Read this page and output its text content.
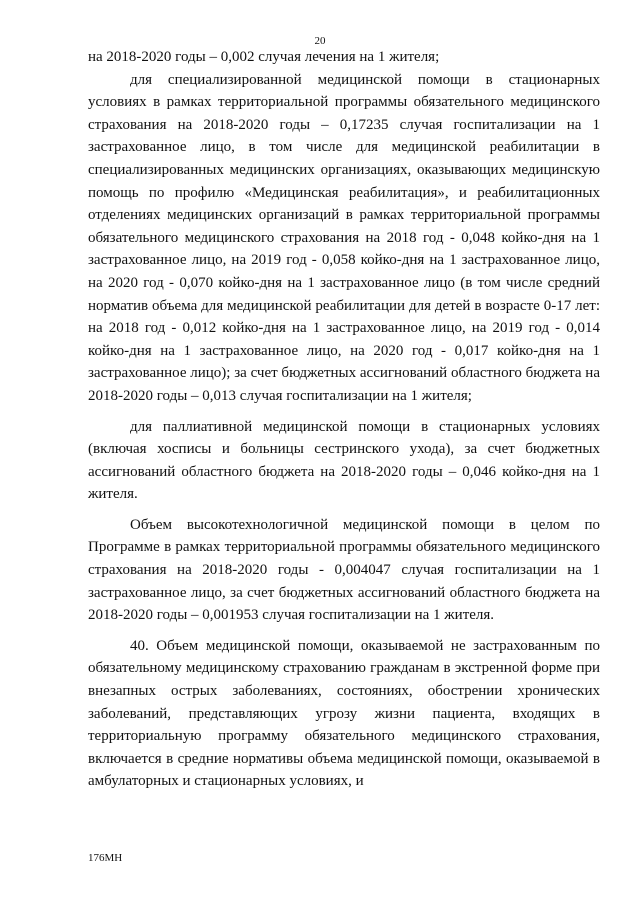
20

на 2018-2020 годы – 0,002 случая лечения на 1 жителя;

для специализированной медицинской помощи в стационарных условиях в рамках территориальной программы обязательного медицинского страхования на 2018-2020 годы – 0,17235 случая госпитализации на 1 застрахованное лицо, в том числе для медицинской реабилитации в специализированных медицинских организациях, оказывающих медицинскую помощь по профилю «Медицинская реабилитация», и реабилитационных отделениях медицинских организаций в рамках территориальной программы обязательного медицинского страхования на 2018 год - 0,048 койко-дня на 1 застрахованное лицо, на 2019 год - 0,058 койко-дня на 1 застрахованное лицо, на 2020 год - 0,070 койко-дня на 1 застрахованное лицо (в том числе средний норматив объема для медицинской реабилитации для детей в возрасте 0-17 лет: на 2018 год - 0,012 койко-дня на 1 застрахованное лицо, на 2019 год - 0,014 койко-дня на 1 застрахованное лицо, на 2020 год - 0,017 койко-дня на 1 застрахованное лицо); за счет бюджетных ассигнований областного бюджета на 2018-2020 годы – 0,013 случая госпитализации на 1 жителя;

для паллиативной медицинской помощи в стационарных условиях (включая хосписы и больницы сестринского ухода), за счет бюджетных ассигнований областного бюджета на 2018-2020 годы – 0,046 койко-дня на 1 жителя.

Объем высокотехнологичной медицинской помощи в целом по Программе в рамках территориальной программы обязательного медицинского страхования на 2018-2020 годы - 0,004047 случая госпитализации на 1 застрахованное лицо, за счет бюджетных ассигнований областного бюджета на 2018-2020 годы – 0,001953 случая госпитализации на 1 жителя.

40. Объем медицинской помощи, оказываемой не застрахованным по обязательному медицинскому страхованию гражданам в экстренной форме при внезапных острых заболеваниях, состояниях, обострении хронических заболеваний, представляющих угрозу жизни пациента, входящих в территориальную программу обязательного медицинского страхования, включается в средние нормативы объема медицинской помощи, оказываемой в амбулаторных и стационарных условиях, и

176МН
